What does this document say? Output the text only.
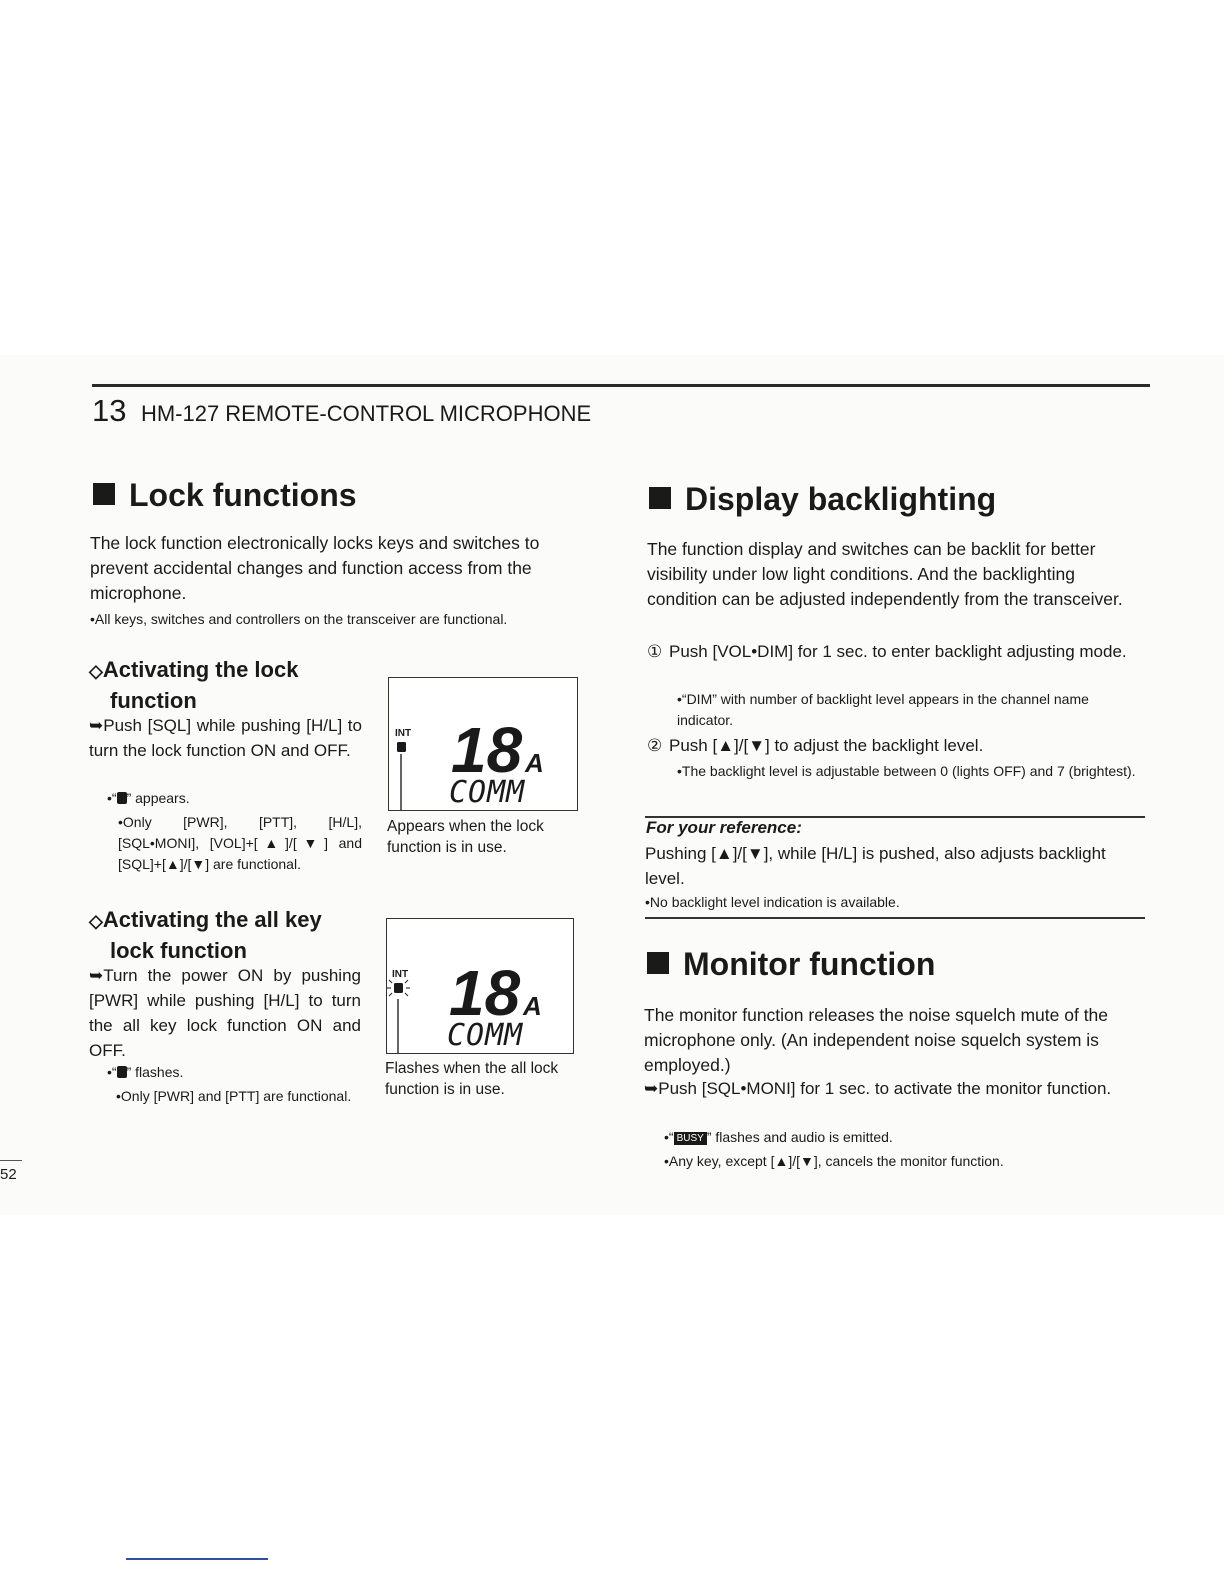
13 HM-127 REMOTE-CONTROL MICROPHONE
Lock functions
The lock function electronically locks keys and switches to prevent accidental changes and function access from the microphone.
•All keys, switches and controllers on the transceiver are functional.
◇Activating the lock
function
➥Push [SQL] while pushing [H/L] to turn the lock function ON and OFF.
•“ ” appears.
•Only [PWR], [PTT], [H/L], [SQL•MONI], [VOL]+[▲]/[▼] and [SQL]+[▲]/[▼] are functional.
INT 18 A
COMM
Appears when the lock function is in use.
◇Activating the all key
lock function
➥Turn the power ON by pushing [PWR] while pushing [H/L] to turn the all key lock function ON and OFF.
•“ ” flashes.
•Only [PWR] and [PTT] are functional.
INT 18 A
COMM
Flashes when the all lock function is in use.
Display backlighting
The function display and switches can be backlit for better visibility under low light conditions. And the backlighting condition can be adjusted independently from the transceiver.
① Push [VOL•DIM] for 1 sec. to enter backlight adjusting mode.
•“DIM” with number of backlight level appears in the channel name indicator.
② Push [▲]/[▼] to adjust the backlight level.
•The backlight level is adjustable between 0 (lights OFF) and 7 (brightest).
For your reference:
Pushing [▲]/[▼], while [H/L] is pushed, also adjusts backlight level.
•No backlight level indication is available.
Monitor function
The monitor function releases the noise squelch mute of the microphone only. (An independent noise squelch system is employed.)
➥Push [SQL•MONI] for 1 sec. to activate the monitor function.
•“ BUSY ” flashes and audio is emitted.
•Any key, except [▲]/[▼], cancels the monitor function.
52
